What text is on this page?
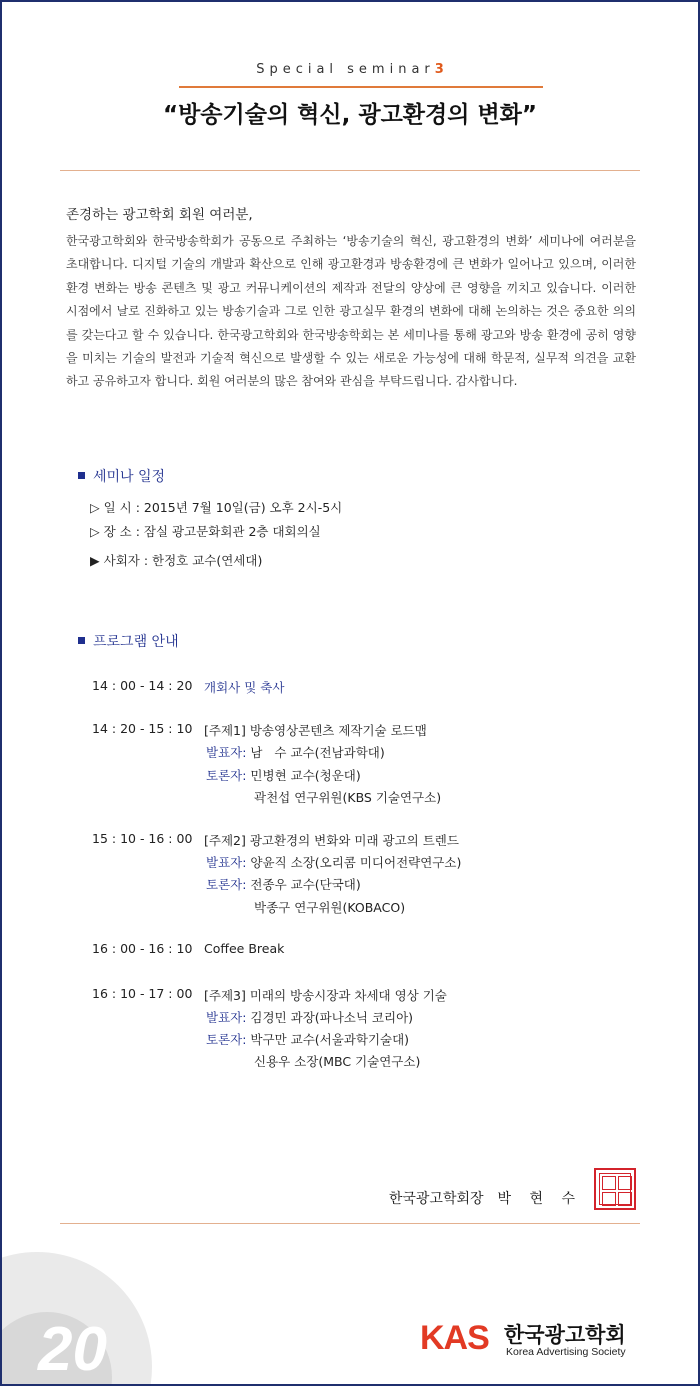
Special seminar3
“방송기술의 혁신, 광고환경의 변화”
존경하는 광고학회 회원 여러분,

한국광고학회와 한국방송학회가 공동으로 주최하는 ‘방송기술의 혁신, 광고환경의 변화’ 세미나에 여러분을 초대합니다. 디지털 기술의 개발과 확산으로 인해 광고환경과 방송환경에 큰 변화가 일어나고 있으며, 이러한 환경 변화는 방송 콘텐츠 및 광고 커뮤니케이션의 제작과 전달의 양상에 큰 영향을 끼치고 있습니다. 이러한 시점에서 날로 진화하고 있는 방송기술과 그로 인한 광고실무 환경의 변화에 대해 논의하는 것은 중요한 의의를 갖는다고 할 수 있습니다. 한국광고학회와 한국방송학회는 본 세미나를 통해 광고와 방송 환경에 공히 영향을 미치는 기술의 발전과 기술적 혁신으로 발생할 수 있는 새로운 가능성에 대해 학문적, 실무적 의견을 교환하고 공유하고자 합니다. 회원 여러분의 많은 참여와 관심을 부탁드립니다. 감사합니다.

세미나 일정
▷ 일 시 : 2015년 7월 10일(금) 오후 2시-5시
▷ 장 소 : 잠실 광고문화회관 2층 대회의실
▶ 사회자 : 한정호 교수(연세대)
프로그램 안내
14 : 00 - 14 : 20 개회사 및 축사
14 : 20 - 15 : 10 [주제1] 방송영상콘텐츠 제작기술 로드맵
발표자: 남   수 교수(전남과학대)
토론자: 민병현 교수(청운대)
곽천섭 연구위원(KBS 기술연구소)
15 : 10 - 16 : 00 [주제2] 광고환경의 변화와 미래 광고의 트렌드
발표자: 양윤직 소장(오리콤 미디어전략연구소)
토론자: 전종우 교수(단국대)
박종구 연구위원(KOBACO)
16 : 00 - 16 : 10 Coffee Break
16 : 10 - 17 : 00 [주제3] 미래의 방송시장과 차세대 영상 기술
발표자: 김경민 과장(파나소닉 코리아)
토론자: 박구만 교수(서울과학기술대)
신용우 소장(MBC 기술연구소)
한국광고학회장 박 현 수
20	KAS 한국광고학회
Korea Advertising Society
